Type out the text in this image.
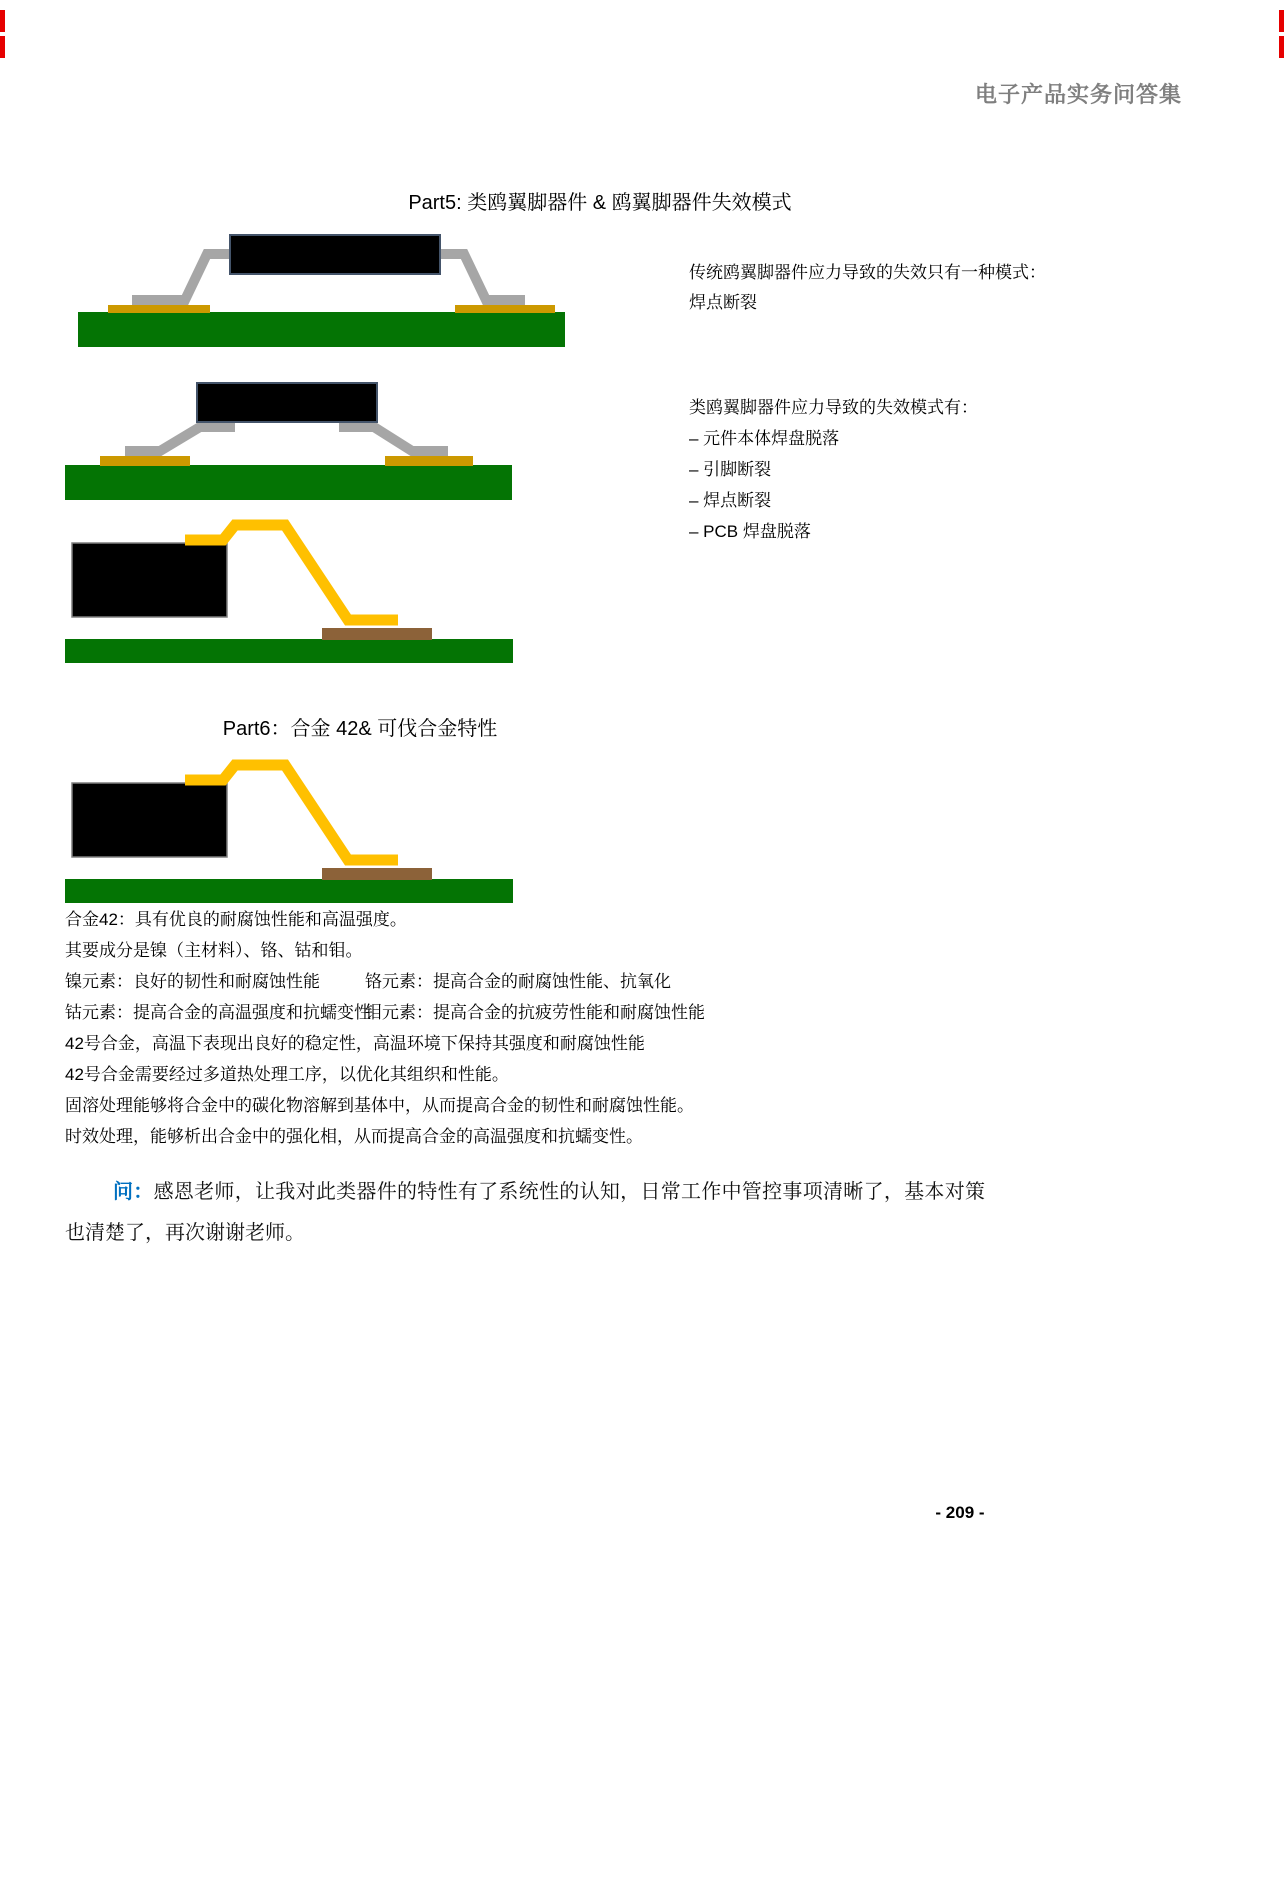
电子产品实务问答集
Part5: 类鸥翼脚器件 & 鸥翼脚器件失效模式
传统鸥翼脚器件应力导致的失效只有一种模式：
焊点断裂
类鸥翼脚器件应力导致的失效模式有：
– 元件本体焊盘脱落
– 引脚断裂
– 焊点断裂
– PCB 焊盘脱落
Part6：合金 42& 可伐合金特性
合金42：具有优良的耐腐蚀性能和高温强度。
其要成分是镍（主材料）、铬、钴和钼。
镍元素：良好的韧性和耐腐蚀性能	铬元素：提高合金的耐腐蚀性能、抗氧化
钴元素：提高合金的高温强度和抗蠕变性
钼元素：提高合金的抗疲劳性能和耐腐蚀性能
42号合金，高温下表现出良好的稳定性，高温环境下保持其强度和耐腐蚀性能
42号合金需要经过多道热处理工序，以优化其组织和性能。
固溶处理能够将合金中的碳化物溶解到基体中，从而提高合金的韧性和耐腐蚀性能。
时效处理，能够析出合金中的强化相，从而提高合金的高温强度和抗蠕变性。

问：感恩老师，让我对此类器件的特性有了系统性的认知，日常工作中管控事项清晰了，基本对策也清楚了，再次谢谢老师。

- 209 -
